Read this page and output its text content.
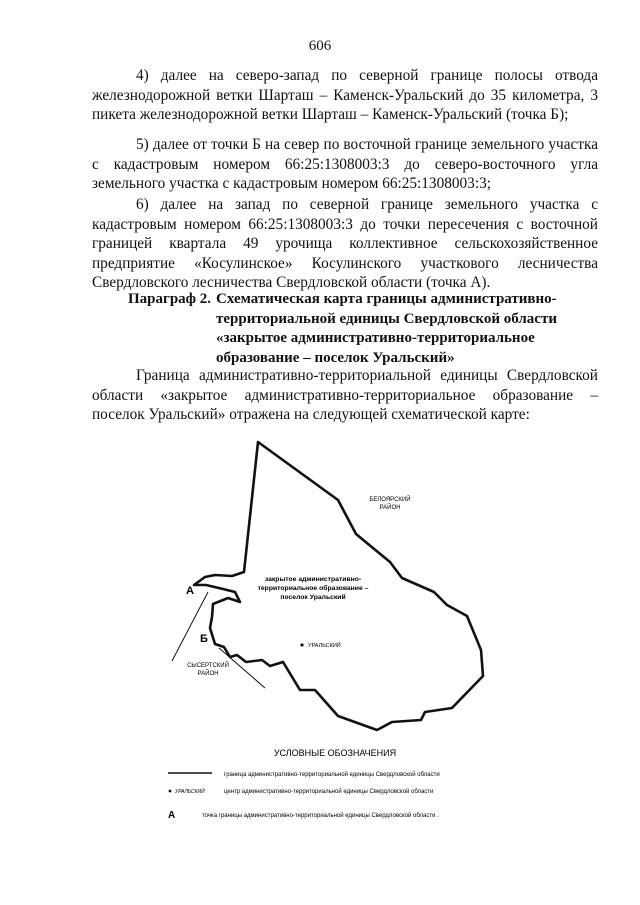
606

4) далее на северо-запад по северной границе полосы отвода железнодорожной ветки Шарташ – Каменск-Уральский до 35 километра, 3 пикета железнодорожной ветки Шарташ – Каменск-Уральский (точка Б);

5) далее от точки Б на север по восточной границе земельного участка с кадастровым номером 66:25:1308003:3 до северо-восточного угла земельного участка с кадастровым номером 66:25:1308003:3;

6) далее на запад по северной границе земельного участка с кадастровым номером 66:25:1308003:3 до точки пересечения с восточной границей квартала 49 урочища коллективное сельскохозяйственное предприятие «Косулинское» Косулинского участкового лесничества Свердловского лесничества Свердловской области (точка А).

Параграф 2. Схематическая карта границы административно-
территориальной единицы Свердловской области
«закрытое административно-территориальное
образование – поселок Уральский»

Граница административно-территориальной единицы Свердловской области «закрытое административно-территориальное образование – поселок Уральский» отражена на следующей схематической карте:

А
Б
закрытое административно-
территориальное образование –
поселок Уральский
БЕЛОЯРСКИЙ
РАЙОН
СЫСЕРТСКИЙ
РАЙОН
УРАЛЬСКИЙ
УСЛОВНЫЕ ОБОЗНАЧЕНИЯ
граница административно-территориальной единицы Свердловской области
УРАЛЬСКИЙ	центр административно-территориальной единицы Свердловской области
А	точка границы административно-территориальной единицы Свердловской области .
